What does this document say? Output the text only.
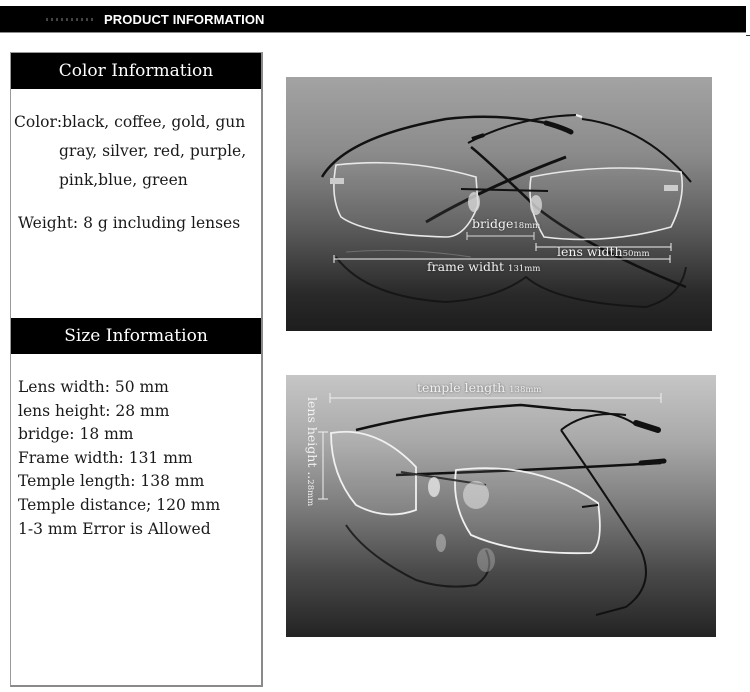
PRODUCT INFORMATION
Color Information
Color:black, coffee, gold, gun
gray, silver, red, purple,
pink,blue, green
Weight: 8 g including lenses
Size Information
Lens width: 50 mm
lens height: 28 mm
bridge: 18 mm
Frame width: 131 mm
Temple length: 138 mm
Temple distance; 120 mm
1-3 mm Error is Allowed
bridge18mm
lens width50mm
frame widht 131mm
temple length 138mm
lens height ..28mm
